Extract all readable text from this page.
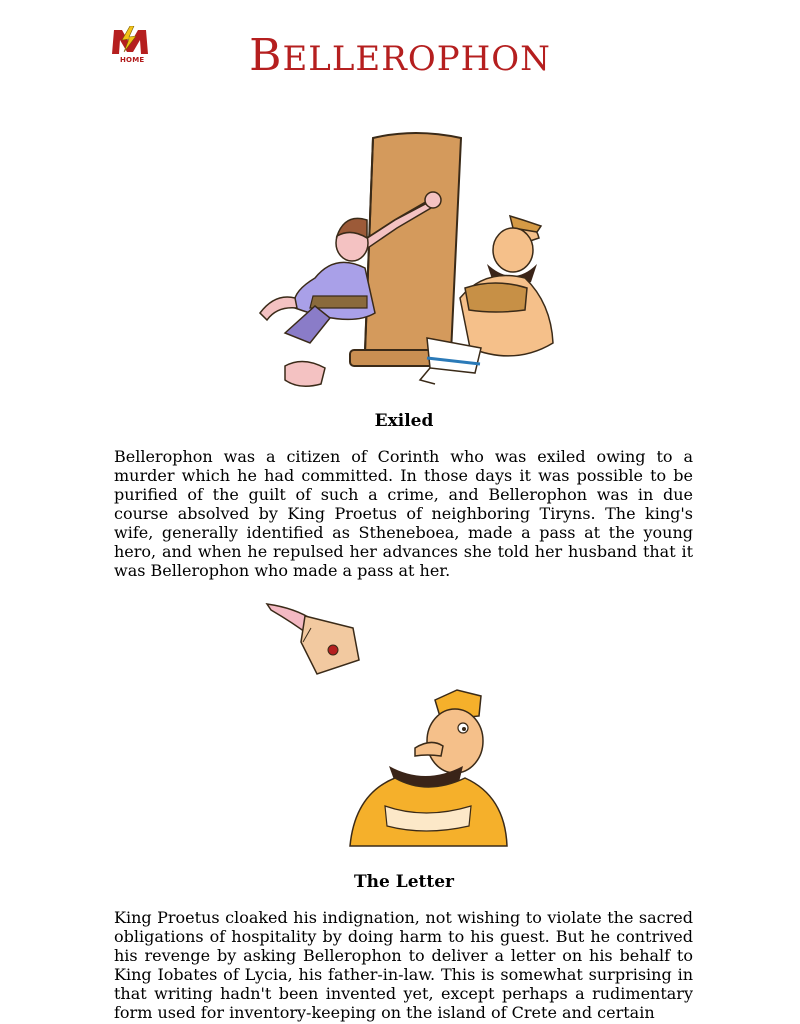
HOME	BELLEROPHON
Exiled

Bellerophon was a citizen of Corinth who was exiled owing to a murder which he had committed. In those days it was possible to be purified of the guilt of such a crime, and Bellerophon was in due course absolved by King Proetus of neighboring Tiryns. The king's wife, generally identified as Stheneboea, made a pass at the young hero, and when he repulsed her advances she told her husband that it was Bellerophon who made a pass at her.

The Letter

King Proetus cloaked his indignation, not wishing to violate the sacred obligations of hospitality by doing harm to his guest. But he contrived his revenge by asking Bellerophon to deliver a letter on his behalf to King Iobates of Lycia, his father-in-law. This is somewhat surprising in that writing hadn't been invented yet, except perhaps a rudimentary form used for inventory-keeping on the island of Crete and certain
